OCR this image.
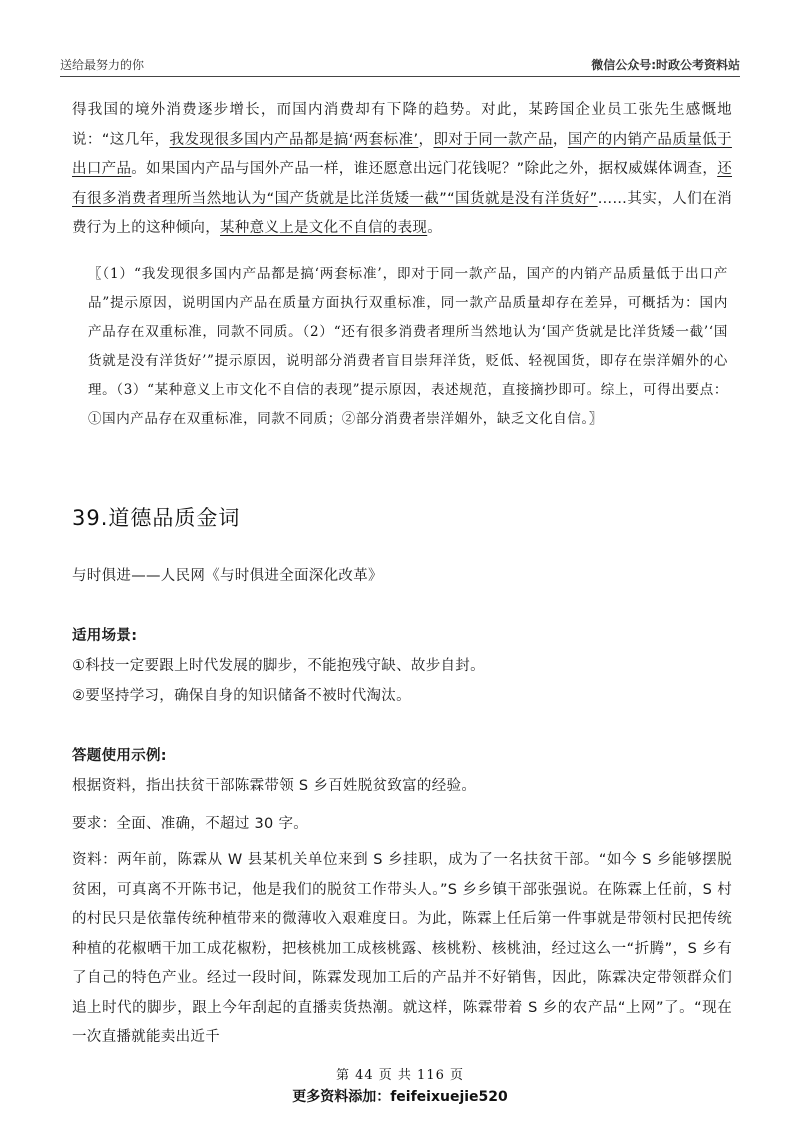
送给最努力的你	微信公众号:时政公考资料站
得我国的境外消费逐步增长，而国内消费却有下降的趋势。对此，某跨国企业员工张先生感慨地说：“这几年，我发现很多国内产品都是搞‘两套标准’，即对于同一款产品，国产的内销产品质量低于出口产品。如果国内产品与国外产品一样，谁还愿意出远门花钱呢？”除此之外，据权威媒体调查，还有很多消费者理所当然地认为“国产货就是比洋货矮一截”“国货就是没有洋货好”……其实，人们在消费行为上的这种倾向，某种意义上是文化不自信的表现。
〖（1）“我发现很多国内产品都是搞‘两套标准’，即对于同一款产品，国产的内销产品质量低于出口产品”提示原因，说明国内产品在质量方面执行双重标准，同一款产品质量却存在差异，可概括为：国内产品存在双重标准，同款不同质。（2）“还有很多消费者理所当然地认为‘国产货就是比洋货矮一截’‘国货就是没有洋货好’”提示原因，说明部分消费者盲目崇拜洋货，贬低、轻视国货，即存在崇洋媚外的心理。（3）“某种意义上市文化不自信的表现”提示原因，表述规范，直接摘抄即可。综上，可得出要点：①国内产品存在双重标准，同款不同质；②部分消费者崇洋媚外，缺乏文化自信。〗
39.道德品质金词
与时俱进——人民网《与时俱进全面深化改革》
适用场景:
①科技一定要跟上时代发展的脚步，不能抱残守缺、故步自封。
②要坚持学习，确保自身的知识储备不被时代淘汰。
答题使用示例:
根据资料，指出扶贫干部陈霖带领 S 乡百姓脱贫致富的经验。
要求：全面、准确，不超过 30 字。
资料：两年前，陈霖从 W 县某机关单位来到 S 乡挂职，成为了一名扶贫干部。“如今 S 乡能够摆脱贫困，可真离不开陈书记，他是我们的脱贫工作带头人。”S 乡乡镇干部张强说。在陈霖上任前，S 村的村民只是依靠传统种植带来的微薄收入艰难度日。为此，陈霖上任后第一件事就是带领村民把传统种植的花椒晒干加工成花椒粉，把核桃加工成核桃露、核桃粉、核桃油，经过这么一“折腾”，S 乡有了自己的特色产业。经过一段时间，陈霖发现加工后的产品并不好销售，因此，陈霖决定带领群众们追上时代的脚步，跟上今年刮起的直播卖货热潮。就这样，陈霖带着 S 乡的农产品“上网”了。“现在一次直播就能卖出近千
第 44 页 共 116 页
更多资料添加：feifeixuejie520
